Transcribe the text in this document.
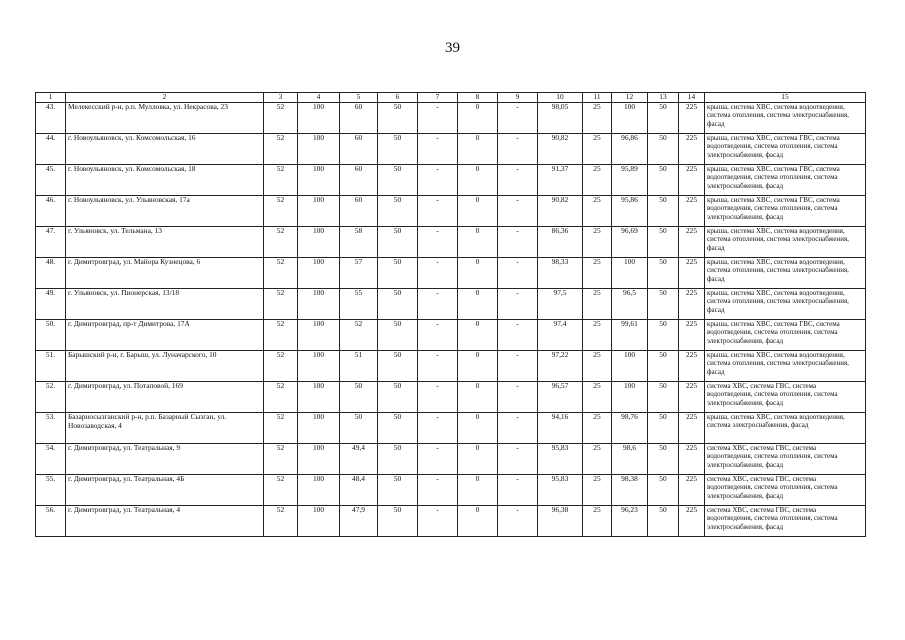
39
1	2	3	4	5	6	7	8	9	10	11	12	13	14	15
43.	Мелекесский р-н, р.п. Мулловка, ул. Некрасова, 23	52	100	60	50	-	0	-	98,05	25	100	50	225	крыша, система ХВС, система водоотведения, система отопления, система электроснабжения, фасад
44.	г. Новоульяновск, ул. Комсомольская, 16	52	100	60	50	-	0	-	90,82	25	96,86	50	225	крыша, система ХВС, система ГВС, система водоотведения, система отопления, система электроснабжения, фасад
45.	г. Новоульяновск, ул. Комсомольская, 18	52	100	60	50	-	0	-	91,37	25	95,89	50	225	крыша, система ХВС, система ГВС, система водоотведения, система отопления, система электроснабжения, фасад
46.	г. Новоульяновск, ул. Ульяновская, 17а	52	100	60	50	-	0	-	90,82	25	95,86	50	225	крыша, система ХВС, система ГВС, система водоотведения, система отопления, система электроснабжения, фасад
47.	г. Ульяновск, ул. Тельмана, 13	52	100	58	50	-	0	-	86,36	25	96,69	50	225	крыша, система ХВС, система водоотведения, система отопления, система электроснабжения, фасад
48.	г. Димитровград, ул. Майора Кузнецова, 6	52	100	57	50	-	0	-	98,33	25	100	50	225	крыша, система ХВС, система водоотведения, система отопления, система электроснабжения, фасад
49.	г. Ульяновск, ул. Пионерская, 13/18	52	100	55	50	-	0	-	97,5	25	96,5	50	225	крыша, система ХВС, система водоотведения, система отопления, система электроснабжения, фасад
50.	г. Димитровград, пр-т Димитрова, 17А	52	100	52	50	-	0	-	97,4	25	99,61	50	225	крыша, система ХВС, система ГВС, система водоотведения, система отопления, система электроснабжения, фасад
51.	Барышский р-н, г. Барыш, ул. Луначарского, 10	52	100	51	50	-	0	-	97,22	25	100	50	225	крыша, система ХВС, система водоотведения, система отопления, система электроснабжения, фасад
52.	г. Димитровград, ул. Потаповой, 169	52	100	50	50	-	0	-	96,57	25	100	50	225	система ХВС, система ГВС, система водоотведения, система отопления, система электроснабжения, фасад
53.	Базарносызганский р-н, р.п. Базарный Сызган, ул. Новозаводская, 4	52	100	50	50	-	0	-	94,16	25	98,76	50	225	крыша, система ХВС, система водоотведения, система электроснабжения, фасад
54.	г. Димитровград, ул. Театральная, 9	52	100	49,4	50	-	0	-	95,83	25	98,6	50	225	система ХВС, система ГВС, система водоотведения, система отопления, система электроснабжения, фасад
55.	г. Димитровград, ул. Театральная, 4Б	52	100	48,4	50	-	0	-	95,83	25	98,38	50	225	система ХВС, система ГВС, система водоотведения, система отопления, система электроснабжения, фасад
56.	г. Димитровград, ул. Театральная, 4	52	100	47,9	50	-	0	-	96,38	25	96,23	50	225	система ХВС, система ГВС, система водоотведения, система отопления, система электроснабжения, фасад
